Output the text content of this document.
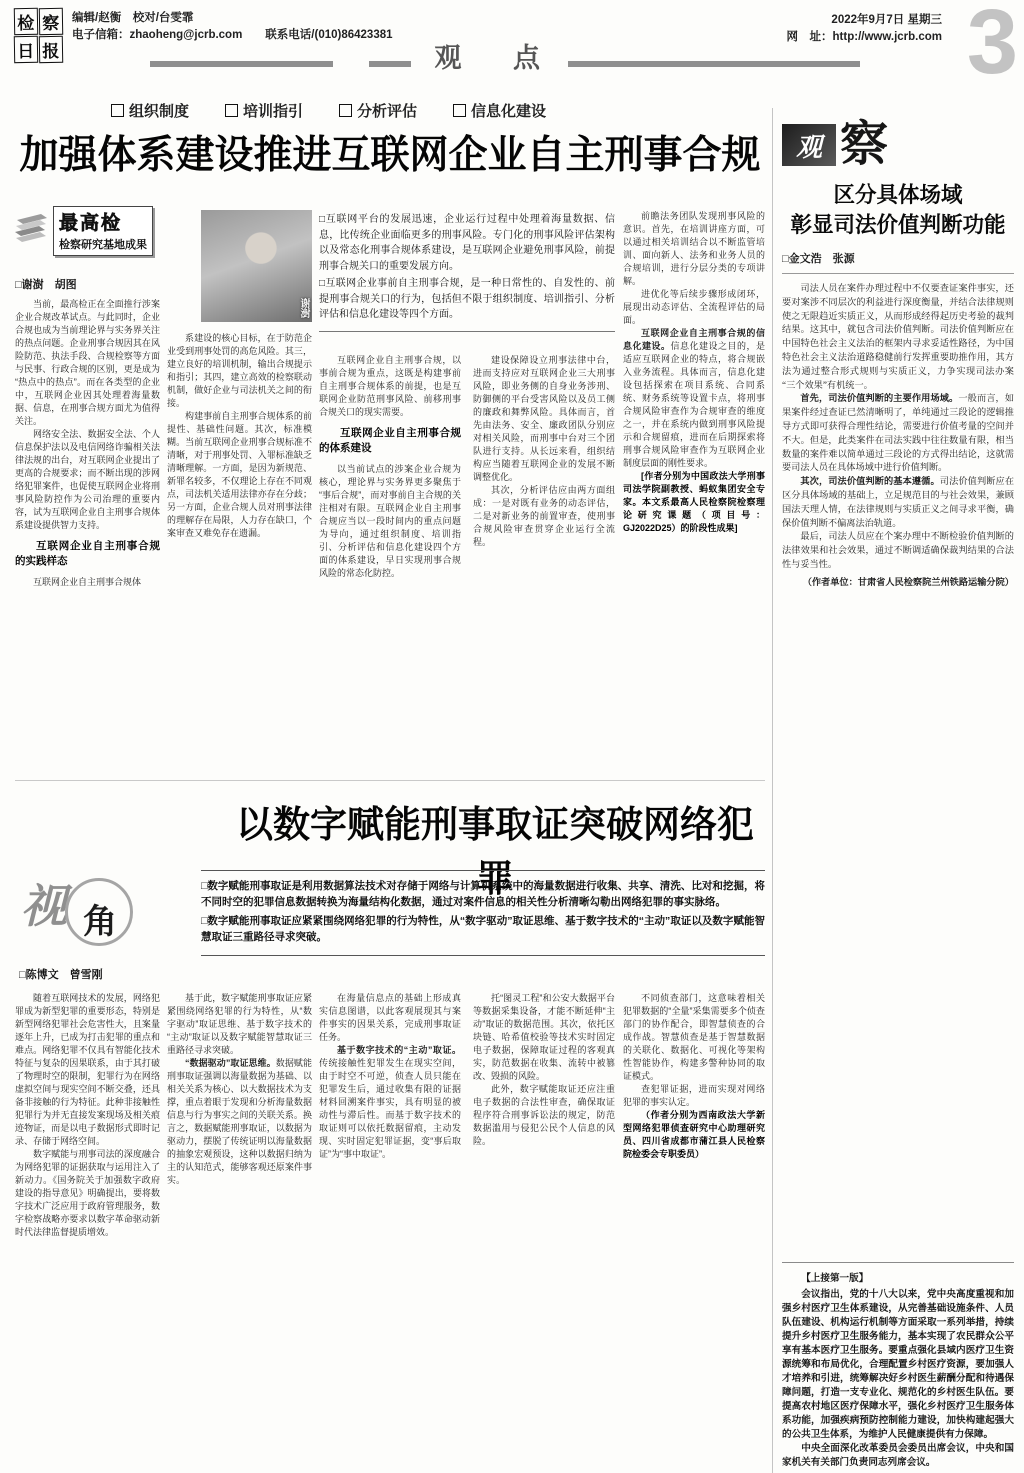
检 察
日 报
编辑/赵衡　校对/台雯霏
电子信箱：zhaoheng@jcrb.com　　联系电话/(010)86423381
观 点
2022年9月7日 星期三
网　址：http://www.jcrb.com 3
组织制度	培训指引	分析评估	信息化建设
加强体系建设推进互联网企业自主刑事合规
最高检
检察研究基地成果
□谢澍　胡图
谢澍

□互联网平台的发展迅速，企业运行过程中处理着海量数据、信息，比传统企业面临更多的刑事风险。专门化的刑事风险评估架构以及常态化刑事合规体系建设，是互联网企业避免刑事风险，前提刑事合规关口的重要发展方向。

□互联网企业事前自主刑事合规，是一种日常性的、自发性的、前提刑事合规关口的行为，包括但不限于组织制度、培训指引、分析评估和信息化建设等四个方面。

当前，最高检正在全面推行涉案企业合规改革试点。与此同时，企业合规也成为当前理论界与实务界关注的热点问题。企业刑事合规因其在风险防范、执法手段、合规检察等方面与民事、行政合规的区别，更是成为“热点中的热点”。而在各类型的企业中，互联网企业因其处理着海量数据、信息，在刑事合规方面尤为值得关注。

网络安全法、数据安全法、个人信息保护法以及电信网络诈骗相关法律法规的出台，对互联网企业提出了更高的合规要求；而不断出现的涉网络犯罪案件，也促使互联网企业将刑事风险防控作为公司治理的重要内容，试为互联网企业自主刑事合规体系建设提供智力支持。

互联网企业自主刑事合规的实践样态

互联网企业自主刑事合规体

系建设的核心目标，在于防范企业受到刑事处罚的高危风险。其三，建立良好的培训机制，输出合规提示和指引；其四，建立高效的检察联动机制，做好企业与司法机关之间的衔接。

构建事前自主刑事合规体系的前提性、基础性问题。其次，标准模糊。当前互联网企业刑事合规标准不清晰，对于刑事处罚、入罪标准缺乏清晰理解。一方面，是因为新规范、新罪名较多，不仅理论上存在不同观点，司法机关适用法律亦存在分歧；另一方面，企业合规人员对刑事法律的理解存在局限，人力存在缺口，个案审查又难免存在遗漏。

互联网企业自主刑事合规，以事前合规为重点，这既是构建事前自主刑事合规体系的前提，也是互联网企业防范刑事风险、前移刑事合规关口的现实需要。

互联网企业自主刑事合规的体系建设

以当前试点的涉案企业合规为核心，理论界与实务界更多聚焦于“事后合规”，而对事前自主合规的关注相对有限。互联网企业自主刑事合规应当以一段时间内的重点问题为导向，通过组织制度、培训指引、分析评估和信息化建设四个方面的体系建设，早日实现刑事合规风险的常态化防控。

建设保障设立刑事法律中台，进而支持应对互联网企业三大刑事风险，即业务侧的自身业务涉刑、防御侧的平台受害风险以及员工侧的廉政和舞弊风险。具体而言，首先由法务、安全、廉政团队分别应对相关风险，而刑事中台对三个团队进行支持。从长远来看，组织结构应当随着互联网企业的发展不断调整优化。

其次，分析评估应由两方面组成：一是对既有业务的动态评估，二是对新业务的前置审查，使刑事合规风险审查贯穿企业运行全流程。

前瞻法务团队发现刑事风险的意识。首先，在培训讲座方面，可以通过相关培训结合以不断监管培训、面向新人、法务和业务人员的合规培训，进行分层分类的专项讲解。

进优化等后续步骤形成闭环，展现出动态评估、全流程评估的局面。

互联网企业自主刑事合规的信息化建设。信息化建设之目的，是适应互联网企业的特点，将合规嵌入业务流程。具体而言，信息化建设包括探索在项目系统、合同系统、财务系统等设置卡点，将刑事合规风险审查作为合规审查的维度之一，并在系统内做到刑事风险提示和合规留痕，进而在后期探索将刑事合规风险审查作为互联网企业制度层面的刚性要求。

[作者分别为中国政法大学刑事司法学院副教授、蚂蚁集团安全专家。本文系最高人民检察院检察理论研究课题（项目号：GJ2022D25）的阶段性成果]

以数字赋能刑事取证突破网络犯罪
视 角

□数字赋能刑事取证是利用数据算法技术对存储于网络与计算机系统中的海量数据进行收集、共享、清洗、比对和挖掘，将不同时空的犯罪信息数据转换为海量结构化数据，通过对案件信息的相关性分析清晰勾勒出网络犯罪的事实脉络。

□数字赋能刑事取证应紧紧围绕网络犯罪的行为特性，从“数字驱动”取证思维、基于数字技术的“主动”取证以及数字赋能智慧取证三重路径寻求突破。

□陈博文　曾雪刚

随着互联网技术的发展，网络犯罪成为新型犯罪的重要形态，特别是新型网络犯罪社会危害性大，且案量逐年上升，已成为打击犯罪的重点和难点。网络犯罪不仅具有智能化技术特征与复杂的因果联系，由于其打破了物理时空的限制，犯罪行为在网络虚拟空间与现实空间不断交叠，还具备非接触的行为特征。此种非接触性犯罪行为并无直接发案现场及相关痕迹物证，而是以电子数据形式即时记录、存储于网络空间。

数字赋能与刑事司法的深度融合为网络犯罪的证据获取与运用注入了新动力。《国务院关于加强数字政府建设的指导意见》明确提出，要将数字技术广泛应用于政府管理服务，数字检察战略亦要求以数字革命驱动新时代法律监督提质增效。

基于此，数字赋能刑事取证应紧紧围绕网络犯罪的行为特性，从“数字驱动”取证思维、基于数字技术的“主动”取证以及数字赋能智慧取证三重路径寻求突破。

“数据驱动”取证思维。数据赋能刑事取证强调以海量数据为基础、以相关关系为核心、以大数据技术为支撑，重点着眼于发现和分析海量数据信息与行为事实之间的关联关系。换言之，数据赋能刑事取证，以数据为驱动力，摆脱了传统证明以海量数据的抽象宏观预设，这种以数据归纳为主的认知范式，能够客观还原案件事实。

在海量信息点的基础上形成真实信息图谱，以此客观展现其与案件事实的因果关系，完成刑事取证任务。

基于数字技术的“主动”取证。传统接触性犯罪发生在现实空间，由于时空不可逆，侦查人员只能在犯罪发生后，通过收集有限的证据材料回溯案件事实，具有明显的被动性与滞后性。而基于数字技术的取证则可以依托数据留痕，主动发现、实时固定犯罪证据，变“事后取证”为“事中取证”。

托“图灵工程”和公安大数据平台等数据采集设备，才能不断延伸“主动”取证的数据范围。其次，依托区块链、哈希值校验等技术实时固定电子数据，保障取证过程的客观真实，防范数据在收集、流转中被篡改、毁损的风险。

此外，数字赋能取证还应注重电子数据的合法性审查，确保取证程序符合刑事诉讼法的规定，防范数据滥用与侵犯公民个人信息的风险。

不同侦查部门，这意味着相关犯罪数据的“全量”采集需要多个侦查部门的协作配合，即智慧侦查的合成作战。智慧侦查是基于智慧数据的关联化、数据化、可视化等架构性智能协作，构建多警种协同的取证模式。

查犯罪证据，进而实现对网络犯罪的事实认定。

（作者分别为西南政法大学新型网络犯罪侦查研究中心助理研究员、四川省成都市蒲江县人民检察院检委会专职委员）

观 察
区分具体场域
彰显司法价值判断功能
□金文浩　张源

司法人员在案件办理过程中不仅要查证案件事实，还要对案涉不同层次的利益进行深度衡量，并结合法律规则使之无限趋近实质正义，从而形成经得起历史考验的裁判结果。这其中，就包含司法价值判断。司法价值判断应在中国特色社会主义法治的框架内寻求妥适性路径，为中国特色社会主义法治道路稳健前行发挥重要助推作用，其方法为通过整合形式规则与实质正义，力争实现司法办案“三个效果”有机统一。

首先，司法价值判断的主要作用场域。一般而言，如果案件经过查证已然清晰明了，单纯通过三段论的逻辑推导方式即可获得合理性结论，需要进行价值考量的空间并不大。但是，此类案件在司法实践中往往数量有限，相当数量的案件难以简单通过三段论的方式得出结论，这就需要司法人员在具体场域中进行价值判断。

其次，司法价值判断的基本遵循。司法价值判断应在区分具体场域的基础上，立足规范目的与社会效果，兼顾国法天理人情，在法律规则与实质正义之间寻求平衡，确保价值判断不偏离法治轨道。

最后，司法人员应在个案办理中不断检验价值判断的法律效果和社会效果，通过不断调适确保裁判结果的合法性与妥当性。

（作者单位：甘肃省人民检察院兰州铁路运输分院）

【上接第一版】

会议指出，党的十八大以来，党中央高度重视和加强乡村医疗卫生体系建设，从完善基础设施条件、人员队伍建设、机构运行机制等方面采取一系列举措，持续提升乡村医疗卫生服务能力，基本实现了农民群众公平享有基本医疗卫生服务。要重点强化县域内医疗卫生资源统筹和布局优化，合理配置乡村医疗资源，要加强人才培养和引进，统筹解决好乡村医生薪酬分配和待遇保障问题，打造一支专业化、规范化的乡村医生队伍。要提高农村地区医疗保障水平，强化乡村医疗卫生服务体系功能，加强疾病预防控制能力建设，加快构建起强大的公共卫生体系，为维护人民健康提供有力保障。

中央全面深化改革委员会委员出席会议，中央和国家机关有关部门负责同志列席会议。
